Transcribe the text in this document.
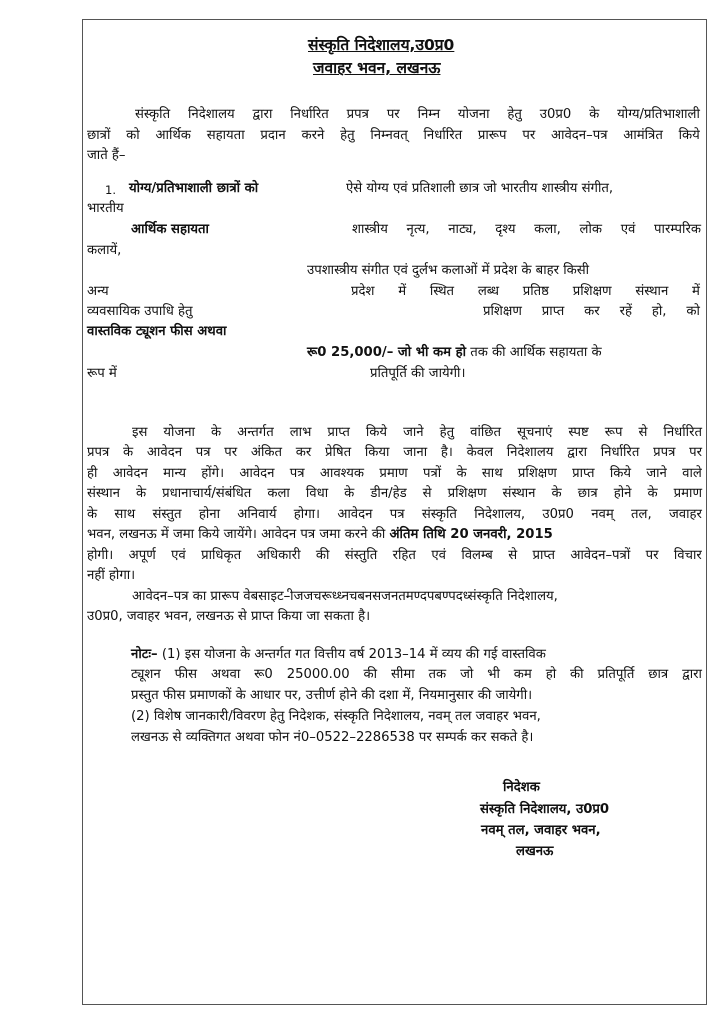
संस्कृति निदेशालय,उ0प्र0
जवाहर भवन, लखनऊ
संस्कृति निदेशालय द्वारा निर्धारित प्रपत्र पर निम्न योजना हेतु उ0प्र0 के योग्य/प्रतिभाशाली
छात्रों को आर्थिक सहायता प्रदान करने हेतु निम्नवत् निर्धारित प्रारूप पर आवेदन–पत्र आमंत्रित किये
जाते हैं–
1. योग्य/प्रतिभाशाली छात्रों को
भारतीय
आर्थिक सहायता
कलायें,
अन्य
व्यवसायिक उपाधि हेतु
वास्तविक ट्यूशन फीस अथवा
रूप में
ऐसे योग्य एवं प्रतिशाली छात्र जो भारतीय शास्त्रीय संगीत,
शास्त्रीय नृत्य, नाट्य, दृश्य कला, लोक एवं पारम्परिक
उपशास्त्रीय संगीत एवं दुर्लभ कलाओं में प्रदेश के बाहर किसी
प्रदेश में स्थित लब्ध प्रतिष्ठ प्रशिक्षण संस्थान में
प्रशिक्षण प्राप्त कर रहें हो, को
रू0 25,000/– जो भी कम हो तक की आर्थिक सहायता के
प्रतिपूर्ति की जायेगी।
इस योजना के अन्तर्गत लाभ प्राप्त किये जाने हेतु वांछित सूचनाएं स्पष्ट रूप से निर्धारित
प्रपत्र के आवेदन पत्र पर अंकित कर प्रेषित किया जाना है। केवल निदेशालय द्वारा निर्धारित प्रपत्र पर
ही आवेदन मान्य होंगे। आवेदन पत्र आवश्यक प्रमाण पत्रों के साथ प्रशिक्षण प्राप्त किये जाने वाले
संस्थान के प्रधानाचार्य/संबंधित कला विधा के डीन/हेड से प्रशिक्षण संस्थान के छात्र होने के प्रमाण
के साथ संस्तुत होना अनिवार्य होगा। आवेदन पत्र संस्कृति निदेशालय, उ0प्र0 नवम् तल, जवाहर
भवन, लखनऊ में जमा किये जायेंगे। आवेदन पत्र जमा करने की अंतिम तिथि 20 जनवरी, 2015
होगी। अपूर्ण एवं प्राधिकृत अधिकारी की संस्तुति रहित एवं विलम्ब से प्राप्त आवेदन–पत्रों पर विचार
नहीं होगा।
आवेदन–पत्र का प्रारूप वेबसाइट–ीजजचरूध्ध्नचबनसजनतमण्दपबण्पदध्संस्कृति निदेशालय,
उ0प्र0, जवाहर भवन, लखनऊ से प्राप्त किया जा सकता है।
नोटः– (1) इस योजना के अन्तर्गत गत वित्तीय वर्ष 2013–14 में व्यय की गई वास्तविक
ट्यूशन फीस अथवा रू0 25000.00 की सीमा तक जो भी कम हो की प्रतिपूर्ति छात्र द्वारा
प्रस्तुत फीस प्रमाणकों के आधार पर, उत्तीर्ण होने की दशा में, नियमानुसार की जायेगी।
(2) विशेष जानकारी/विवरण हेतु निदेशक, संस्कृति निदेशालय, नवम् तल जवाहर भवन,
लखनऊ से व्यक्तिगत अथवा फोन नं0–0522–2286538 पर सम्पर्क कर सकते है।
निदेशक
संस्कृति निदेशालय, उ0प्र0
नवम् तल, जवाहर भवन,
लखनऊ
